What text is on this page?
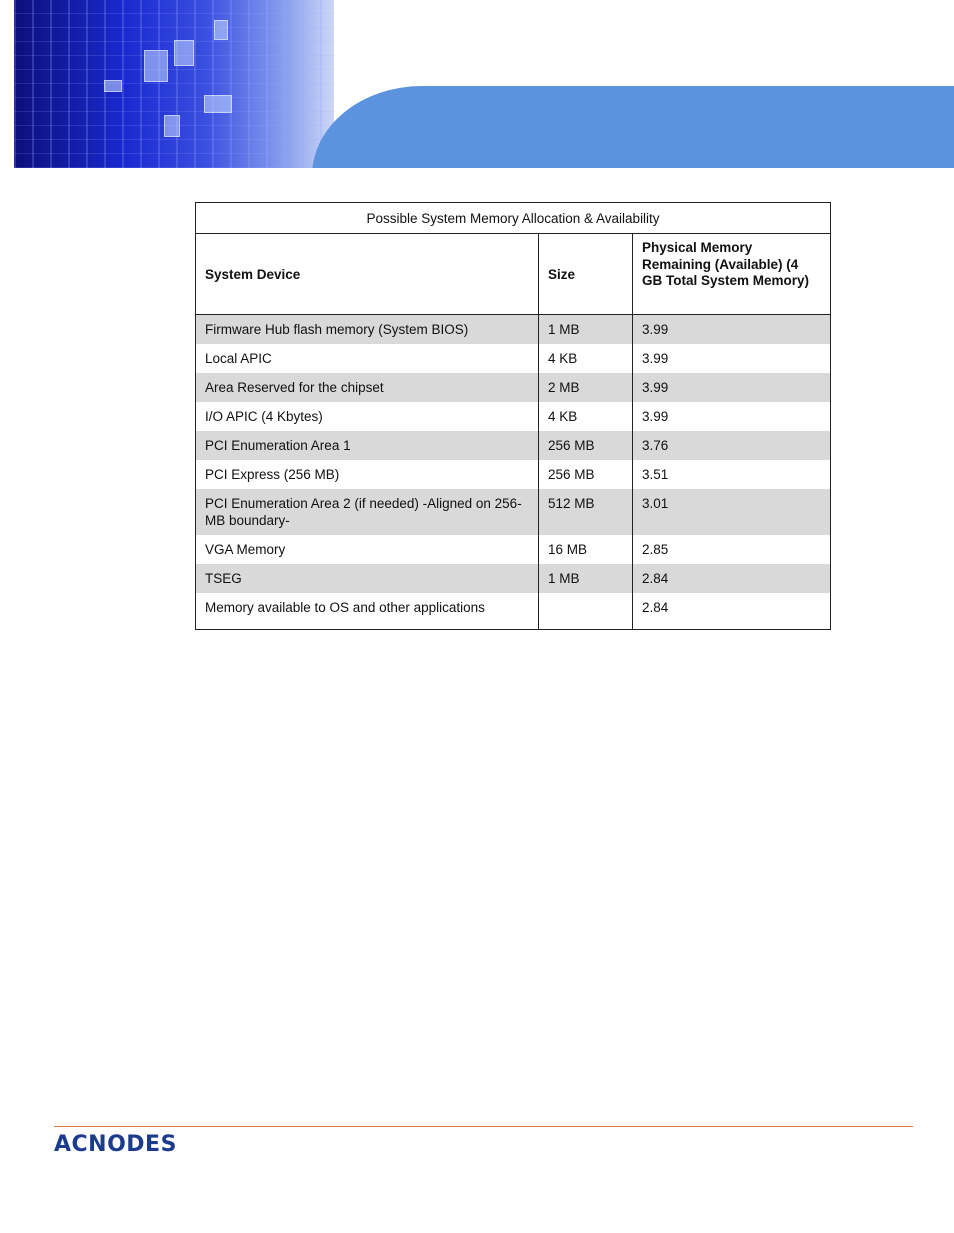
Possible System Memory Allocation & Availability		
System Device	Size	Physical Memory Remaining (Available) (4 GB Total System Memory)
Firmware Hub flash memory (System BIOS)	1 MB	3.99
Local APIC	4 KB	3.99
Area Reserved for the chipset	2 MB	3.99
I/O APIC (4 Kbytes)	4 KB	3.99
PCI Enumeration Area 1	256 MB	3.76
PCI Express (256 MB)	256 MB	3.51
PCI Enumeration Area 2 (if needed) -Aligned on 256-MB boundary-	512 MB	3.01
VGA Memory	16 MB	2.85
TSEG	1 MB	2.84
Memory available to OS and other applications		2.84
ACNODES
